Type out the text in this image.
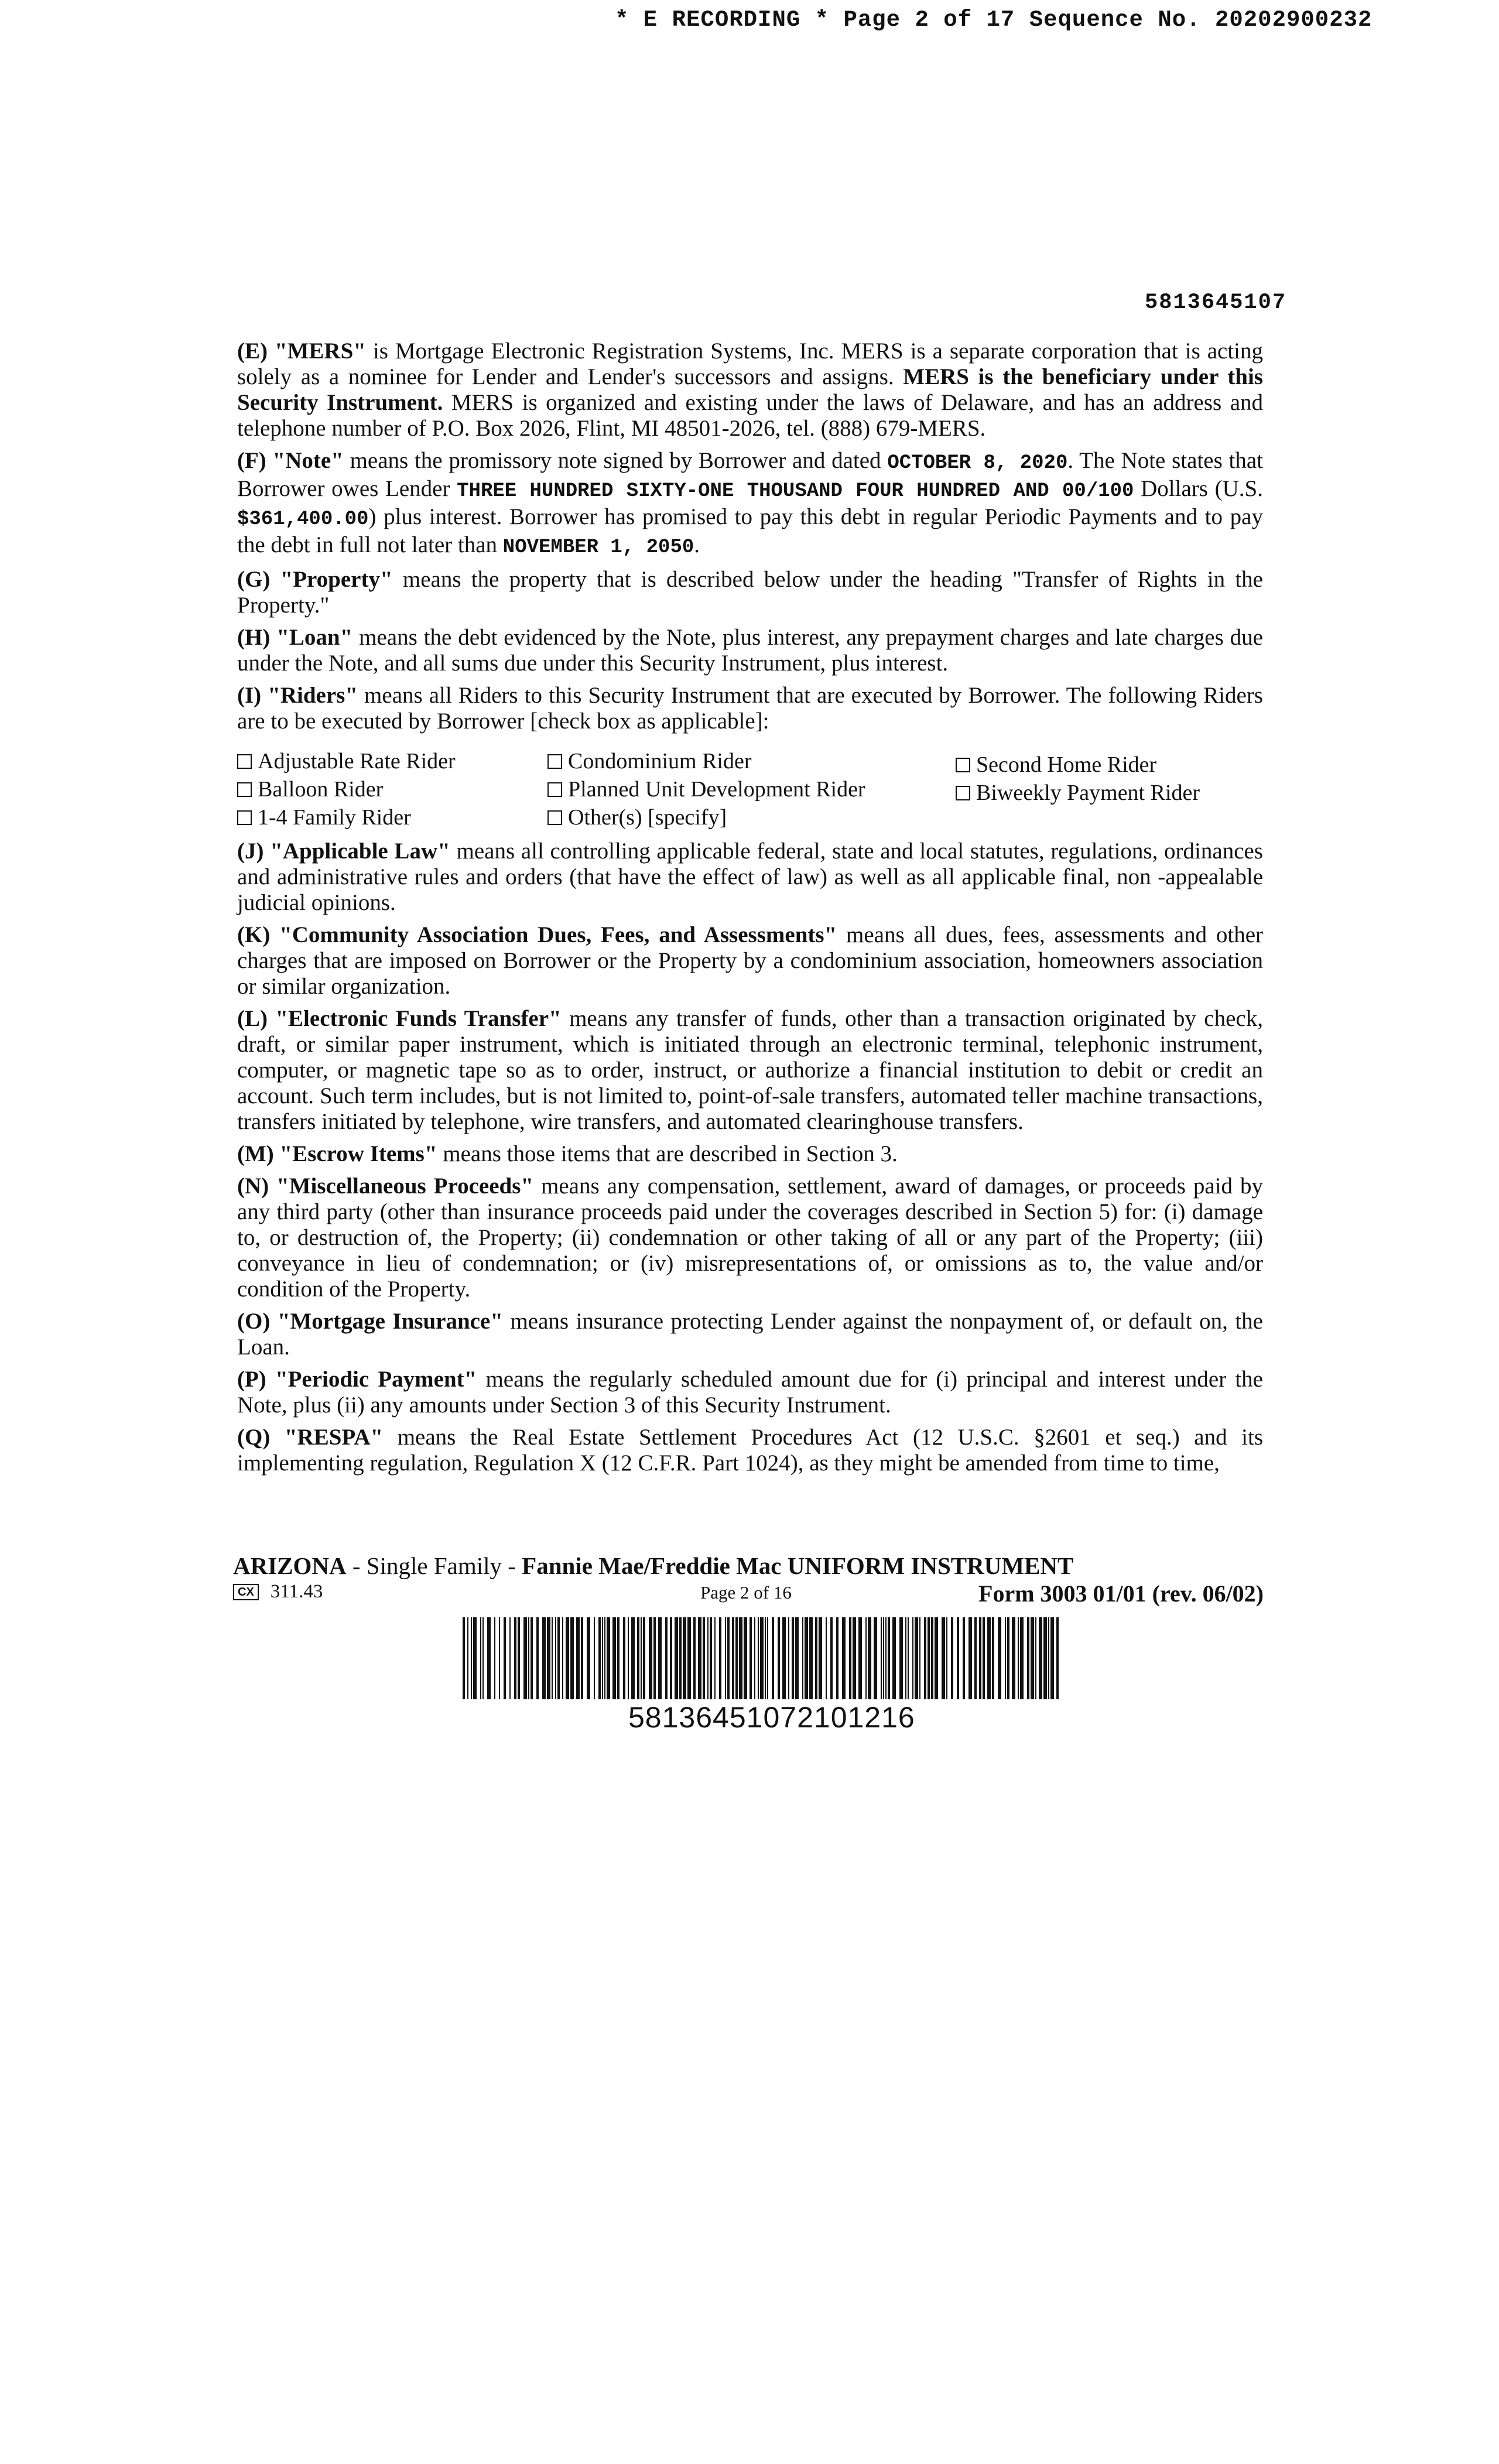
* E RECORDING * Page 2 of 17 Sequence No. 20202900232
5813645107

(E) "MERS" is Mortgage Electronic Registration Systems, Inc. MERS is a separate corporation that is acting solely as a nominee for Lender and Lender's successors and assigns. MERS is the beneficiary under this Security Instrument. MERS is organized and existing under the laws of Delaware, and has an address and telephone number of P.O. Box 2026, Flint, MI 48501-2026, tel. (888) 679-MERS.

(F) "Note" means the promissory note signed by Borrower and dated OCTOBER 8, 2020. The Note states that Borrower owes Lender THREE HUNDRED SIXTY-ONE THOUSAND FOUR HUNDRED AND 00/100 Dollars (U.S. $361,400.00) plus interest. Borrower has promised to pay this debt in regular Periodic Payments and to pay the debt in full not later than NOVEMBER 1, 2050.

(G) "Property" means the property that is described below under the heading "Transfer of Rights in the Property."

(H) "Loan" means the debt evidenced by the Note, plus interest, any prepayment charges and late charges due under the Note, and all sums due under this Security Instrument, plus interest.

(I) "Riders" means all Riders to this Security Instrument that are executed by Borrower. The following Riders are to be executed by Borrower [check box as applicable]:

Adjustable Rate Rider	Condominium Rider	Second Home Rider
Balloon Rider	Planned Unit Development Rider	Biweekly Payment Rider
1-4 Family Rider	Other(s) [specify]

(J) "Applicable Law" means all controlling applicable federal, state and local statutes, regulations, ordinances and administrative rules and orders (that have the effect of law) as well as all applicable final, non -appealable judicial opinions.

(K) "Community Association Dues, Fees, and Assessments" means all dues, fees, assessments and other charges that are imposed on Borrower or the Property by a condominium association, homeowners association or similar organization.

(L) "Electronic Funds Transfer" means any transfer of funds, other than a transaction originated by check, draft, or similar paper instrument, which is initiated through an electronic terminal, telephonic instrument, computer, or magnetic tape so as to order, instruct, or authorize a financial institution to debit or credit an account. Such term includes, but is not limited to, point-of-sale transfers, automated teller machine transactions, transfers initiated by telephone, wire transfers, and automated clearinghouse transfers.

(M) "Escrow Items" means those items that are described in Section 3.

(N) "Miscellaneous Proceeds" means any compensation, settlement, award of damages, or proceeds paid by any third party (other than insurance proceeds paid under the coverages described in Section 5) for: (i) damage to, or destruction of, the Property; (ii) condemnation or other taking of all or any part of the Property; (iii) conveyance in lieu of condemnation; or (iv) misrepresentations of, or omissions as to, the value and/or condition of the Property.

(O) "Mortgage Insurance" means insurance protecting Lender against the nonpayment of, or default on, the Loan.

(P) "Periodic Payment" means the regularly scheduled amount due for (i) principal and interest under the Note, plus (ii) any amounts under Section 3 of this Security Instrument.

(Q) "RESPA" means the Real Estate Settlement Procedures Act (12 U.S.C. §2601 et seq.) and its implementing regulation, Regulation X (12 C.F.R. Part 1024), as they might be amended from time to time,

ARIZONA - Single Family - Fannie Mae/Freddie Mac UNIFORM INSTRUMENT
CX 311.43	Page 2 of 16	Form 3003 01/01 (rev. 06/02)
58136451072101216
